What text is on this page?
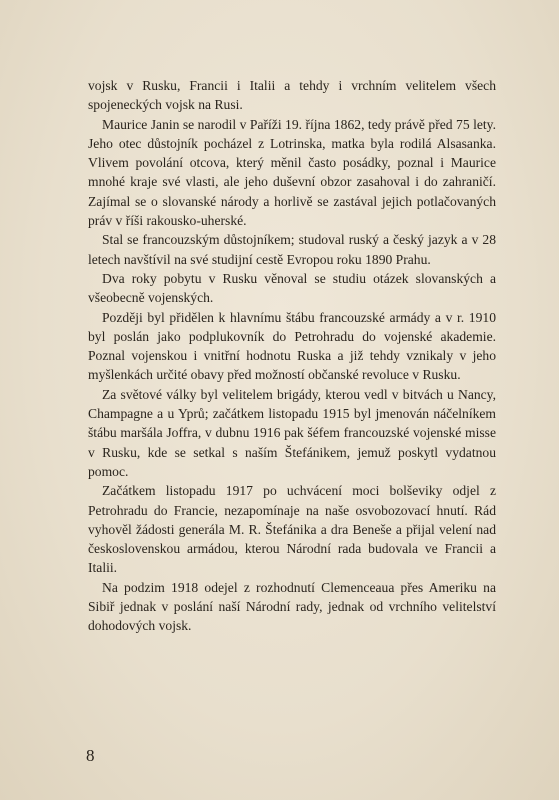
vojsk v Rusku, Francii i Italii a tehdy i vrchním velitelem všech spojeneckých vojsk na Rusi.

Maurice Janin se narodil v Paříži 19. října 1862, tedy právě před 75 lety. Jeho otec důstojník pocházel z Lotrinska, matka byla rodilá Alsasanka. Vlivem povolání otcova, který měnil často posádky, poznal i Maurice mnohé kraje své vlasti, ale jeho duševní obzor zasahoval i do zahraničí. Zajímal se o slovanské národy a horlivě se zastával jejich potlačovaných práv v říši rakousko-uherské.

Stal se francouzským důstojníkem; studoval ruský a český jazyk a v 28 letech navštívil na své studijní cestě Evropou roku 1890 Prahu.

Dva roky pobytu v Rusku věnoval se studiu otázek slovanských a všeobecně vojenských.

Později byl přidělen k hlavnímu štábu francouzské armády a v r. 1910 byl poslán jako podplukovník do Petrohradu do vojenské akademie. Poznal vojenskou i vnitřní hodnotu Ruska a již tehdy vznikaly v jeho myšlenkách určité obavy před možností občanské revoluce v Rusku.

Za světové války byl velitelem brigády, kterou vedl v bitvách u Nancy, Champagne a u Yprů; začátkem listopadu 1915 byl jmenován náčelníkem štábu maršála Joffra, v dubnu 1916 pak šéfem francouzské vojenské misse v Rusku, kde se setkal s naším Štefánikem, jemuž poskytl vydatnou pomoc.

Začátkem listopadu 1917 po uchvácení moci bolševiky odjel z Petrohradu do Francie, nezapomínaje na naše osvobozovací hnutí. Rád vyhověl žádosti generála M. R. Štefánika a dra Beneše a přijal velení nad československou armádou, kterou Národní rada budovala ve Francii a Italii.

Na podzim 1918 odejel z rozhodnutí Clemenceaua přes Ameriku na Sibiř jednak v poslání naší Národní rady, jednak od vrchního velitelství dohodových vojsk.

8
